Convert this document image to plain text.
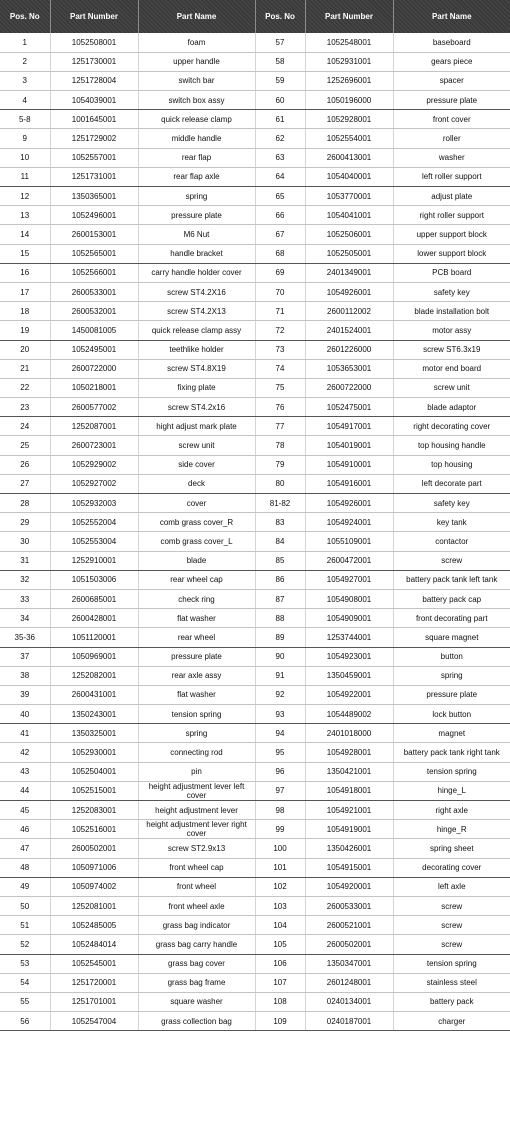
Pos. No	Part Number	Part Name	Pos. No	Part Number	Part Name
1	1052508001	foam	57	1052548001	baseboard
2	1251730001	upper handle	58	1052931001	gears piece
3	1251728004	switch bar	59	1252696001	spacer
4	1054039001	switch box assy	60	1050196000	pressure plate
5-8	1001645001	quick release clamp	61	1052928001	front cover
9	1251729002	middle handle	62	1052554001	roller
10	1052557001	rear flap	63	2600413001	washer
11	1251731001	rear flap axle	64	1054040001	left roller support
12	1350365001	spring	65	1053770001	adjust plate
13	1052496001	pressure plate	66	1054041001	right roller support
14	2600153001	M6 Nut	67	1052506001	upper support block
15	1052565001	handle bracket	68	1052505001	lower support block
16	1052566001	carry handle holder cover	69	2401349001	PCB board
17	2600533001	screw ST4.2X16	70	1054926001	safety key
18	2600532001	screw ST4.2X13	71	2600112002	blade installation bolt
19	1450081005	quick release clamp assy	72	2401524001	motor assy
20	1052495001	teethlike holder	73	2601226000	screw ST6.3x19
21	2600722000	screw ST4.8X19	74	1053653001	motor end board
22	1050218001	fixing plate	75	2600722000	screw unit
23	2600577002	screw ST4.2x16	76	1052475001	blade adaptor
24	1252087001	hight adjust mark plate	77	1054917001	right decorating cover
25	2600723001	screw unit	78	1054019001	top housing handle
26	1052929002	side cover	79	1054910001	top housing
27	1052927002	deck	80	1054916001	left decorate part
28	1052932003	cover	81-82	1054926001	safety key
29	1052552004	comb grass cover_R	83	1054924001	key tank
30	1052553004	comb grass cover_L	84	1055109001	contactor
31	1252910001	blade	85	2600472001	screw
32	1051503006	rear wheel cap	86	1054927001	battery pack tank left tank
33	2600685001	check ring	87	1054908001	battery pack cap
34	2600428001	flat washer	88	1054909001	front decorating part
35-36	1051120001	rear wheel	89	1253744001	square magnet
37	1050969001	pressure plate	90	1054923001	button
38	1252082001	rear axle assy	91	1350459001	spring
39	2600431001	flat washer	92	1054922001	pressure plate
40	1350243001	tension spring	93	1054489002	lock button
41	1350325001	spring	94	2401018000	magnet
42	1052930001	connecting rod	95	1054928001	battery pack tank right tank
43	1052504001	pin	96	1350421001	tension spring
44	1052515001	height adjustment lever left cover	97	1054918001	hinge_L
45	1252083001	height adjustment lever	98	1054921001	right axle
46	1052516001	height adjustment lever right cover	99	1054919001	hinge_R
47	2600502001	screw ST2.9x13	100	1350426001	spring sheet
48	1050971006	front wheel cap	101	1054915001	decorating cover
49	1050974002	front wheel	102	1054920001	left axle
50	1252081001	front wheel axle	103	2600533001	screw
51	1052485005	grass bag indicator	104	2600521001	screw
52	1052484014	grass bag carry handle	105	2600502001	screw
53	1052545001	grass bag cover	106	1350347001	tension spring
54	1251720001	grass bag frame	107	2601248001	stainless steel
55	1251701001	square washer	108	0240134001	battery pack
56	1052547004	grass collection bag	109	0240187001	charger
